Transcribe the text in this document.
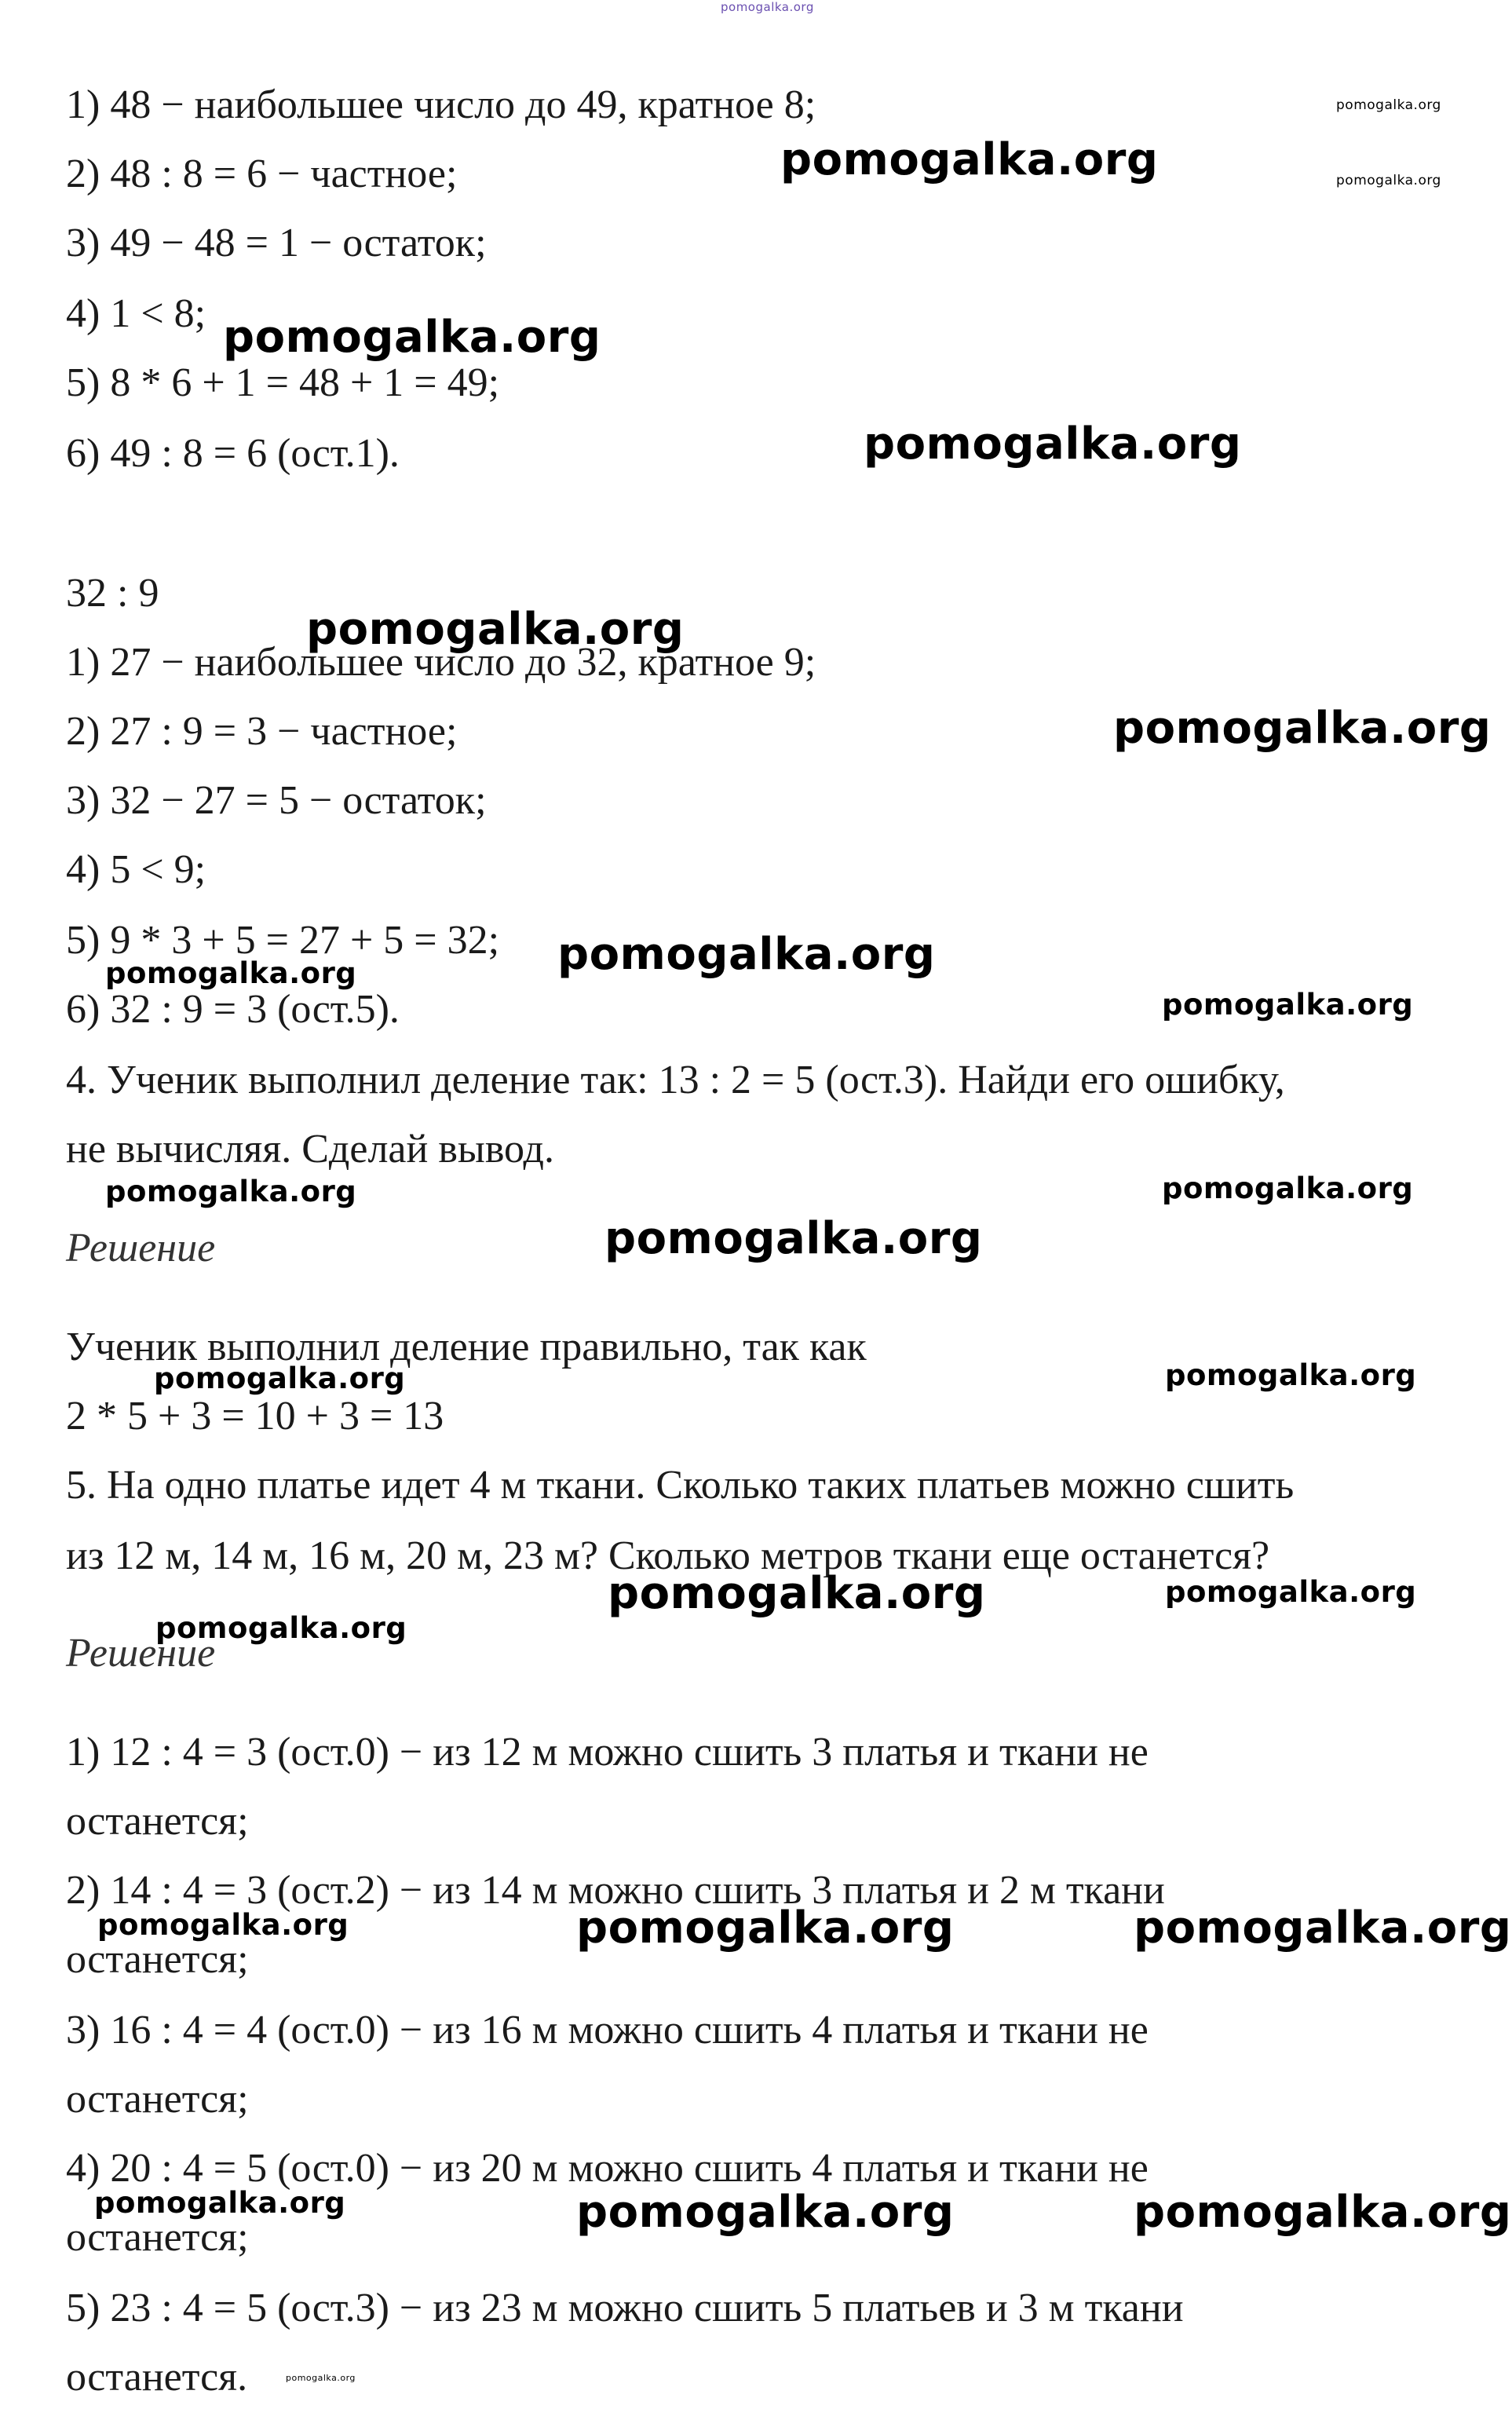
1) 48 − наибольшее число до 49, кратное 8;
2) 48 : 8 = 6 − частное;
3) 49 − 48 = 1 − остаток;
4) 1 < 8;
5) 8 * 6 + 1 = 48 + 1 = 49;
6) 49 : 8 = 6 (ост.1).
32 : 9
1) 27 − наибольшее число до 32, кратное 9;
2) 27 : 9 = 3 − частное;
3) 32 − 27 = 5 − остаток;
4) 5 < 9;
5) 9 * 3 + 5 = 27 + 5 = 32;
6) 32 : 9 = 3 (ост.5).
4. Ученик выполнил деление так: 13 : 2 = 5 (ост.3). Найди его ошибку,
не вычисляя. Сделай вывод.
Решение
Ученик выполнил деление правильно, так как
2 * 5 + 3 = 10 + 3 = 13
5. На одно платье идет 4 м ткани. Сколько таких платьев можно сшить
из 12 м, 14 м, 16 м, 20 м, 23 м? Сколько метров ткани еще останется?
Решение
1) 12 : 4 = 3 (ост.0) − из 12 м можно сшить 3 платья и ткани не
останется;
2) 14 : 4 = 3 (ост.2) − из 14 м можно сшить 3 платья и 2 м ткани
останется;
3) 16 : 4 = 4 (ост.0) − из 16 м можно сшить 4 платья и ткани не
останется;
4) 20 : 4 = 5 (ост.0) − из 20 м можно сшить 4 платья и ткани не
останется;
5) 23 : 4 = 5 (ост.3) − из 23 м можно сшить 5 платьев и 3 м ткани
останется.
pomogalka.org
pomogalka.org
pomogalka.org
pomogalka.org
pomogalka.org
pomogalka.org
pomogalka.org
pomogalka.org
pomogalka.org
pomogalka.org
pomogalka.org
pomogalka.org	pomogalka.org
pomogalka.org
pomogalka.org	pomogalka.org
pomogalka.org	pomogalka.org
pomogalka.org
pomogalka.org	pomogalka.org	pomogalka.org
pomogalka.org	pomogalka.org	pomogalka.org
pomogalka.org
